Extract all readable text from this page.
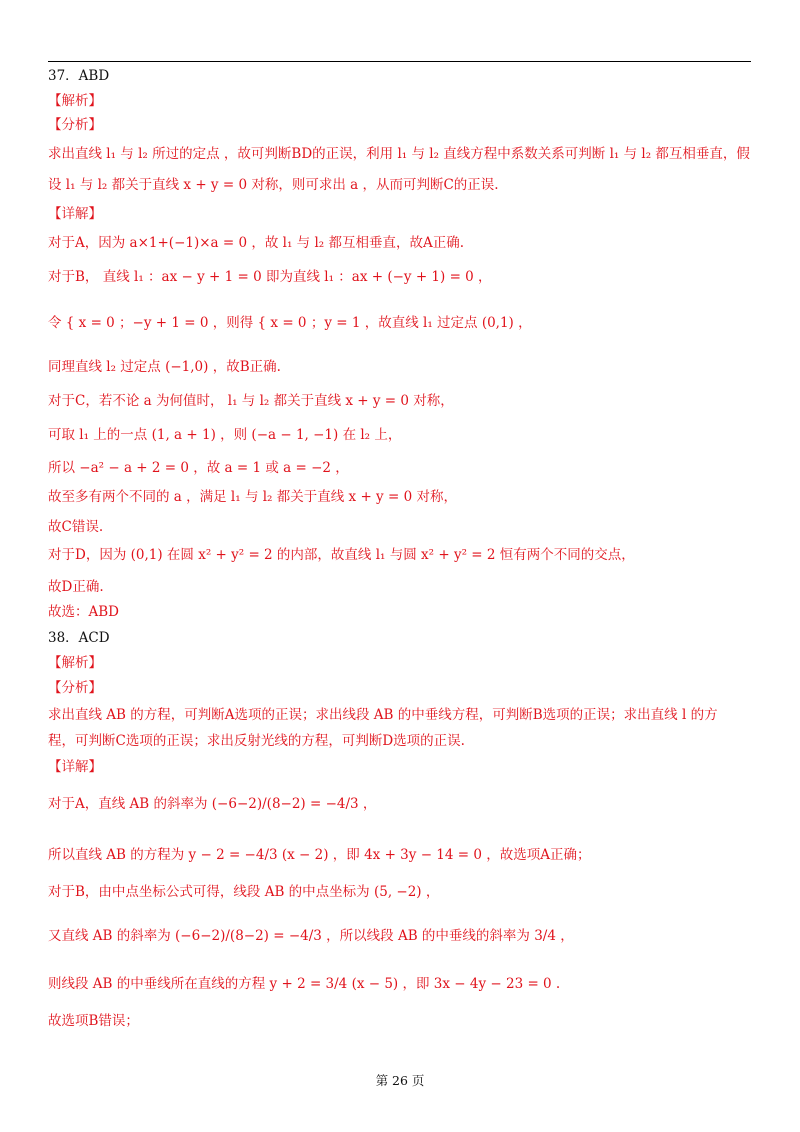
37．ABD
【解析】
【分析】
求出直线 l₁ 与 l₂ 所过的定点 ，故可判断BD的正误，利用 l₁ 与 l₂ 直线方程中系数关系可判断 l₁ 与 l₂ 都互相垂直，假
设 l₁ 与 l₂ 都关于直线 x + y = 0 对称，则可求出 a ，从而可判断C的正误.
【详解】
对于A，因为 a×1+(−1)×a = 0 ，故 l₁ 与 l₂ 都互相垂直，故A正确.
对于B， 直线 l₁ ：ax − y + 1 = 0 即为直线 l₁ ：ax + (−y + 1) = 0 ，
令 { x = 0 ；−y + 1 = 0 ，则得 { x = 0 ；y = 1 ，故直线 l₁ 过定点 (0,1) ，
同理直线 l₂ 过定点 (−1,0) ，故B正确.
对于C，若不论 a 为何值时， l₁ 与 l₂ 都关于直线 x + y = 0 对称，
可取 l₁ 上的一点 (1, a + 1) ，则 (−a − 1, −1) 在 l₂ 上，
所以 −a² − a + 2 = 0 ，故 a = 1 或 a = −2 ，
故至多有两个不同的 a ，满足 l₁ 与 l₂ 都关于直线 x + y = 0 对称，
故C错误.
对于D，因为 (0,1) 在圆 x² + y² = 2 的内部，故直线 l₁ 与圆 x² + y² = 2 恒有两个不同的交点，
故D正确.
故选：ABD
38．ACD
【解析】
【分析】
求出直线 AB 的方程，可判断A选项的正误；求出线段 AB 的中垂线方程，可判断B选项的正误；求出直线 l 的方
程，可判断C选项的正误；求出反射光线的方程，可判断D选项的正误.
【详解】
对于A，直线 AB 的斜率为 (−6−2)/(8−2) = −4/3 ，
所以直线 AB 的方程为 y − 2 = −4/3 (x − 2) ，即 4x + 3y − 14 = 0 ，故选项A正确；
对于B，由中点坐标公式可得，线段 AB 的中点坐标为 (5, −2) ，
又直线 AB 的斜率为 (−6−2)/(8−2) = −4/3 ，所以线段 AB 的中垂线的斜率为 3/4 ，
则线段 AB 的中垂线所在直线的方程 y + 2 = 3/4 (x − 5) ，即 3x − 4y − 23 = 0 .
故选项B错误；
第 26 页
